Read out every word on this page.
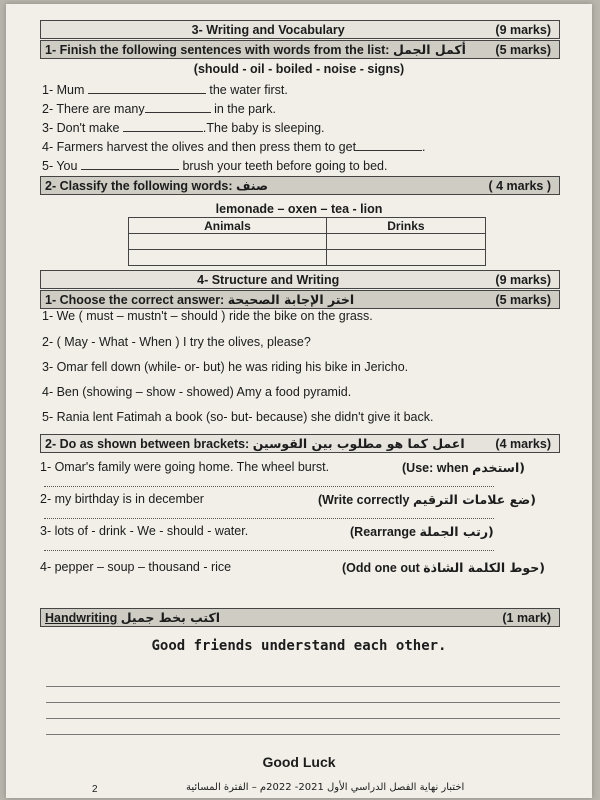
3- Writing and Vocabulary	(9 marks)
1- Finish the following sentences with words from the list: أكمل الجمل	(5 marks)
(should - oil - boiled - noise - signs)
1- Mum	the water first.
2- There are many	in the park.
3- Don't make	.The baby is sleeping.
4- Farmers harvest the olives and then press them to get	.
5- You	brush your teeth before going to bed.
2- Classify the following words: صنف	( 4 marks )
lemonade – oxen – tea - lion
Animals	Drinks

4- Structure and Writing	(9 marks)
1- Choose the correct answer: اختر الإجابة الصحيحة	(5 marks)
1- We ( must – mustn't – should ) ride the bike on the grass.
2- ( May - What - When ) I try the olives, please?
3- Omar fell down (while- or- but) he was riding his bike in Jericho.
4- Ben (showing – show - showed) Amy a food pyramid.
5- Rania lent Fatimah a book (so- but- because) she didn't give it back.
2- Do as shown between brackets: اعمل كما هو مطلوب بين القوسين	(4 marks)
1- Omar's family were going home. The wheel burst.	(Use: when استخدم)
2- my birthday is in december	(Write correctly ضع علامات الترقيم)
3- lots of - drink - We - should - water.	(Rearrange رتب الجملة)
4- pepper – soup – thousand - rice	(Odd one out حوط الكلمة الشاذة)
Handwriting اكتب بخط جميل	(1 mark)
Good friends understand each other.
Good Luck
2	اختبار نهاية الفصل الدراسي الأول 2021- 2022م – الفترة المسائية
